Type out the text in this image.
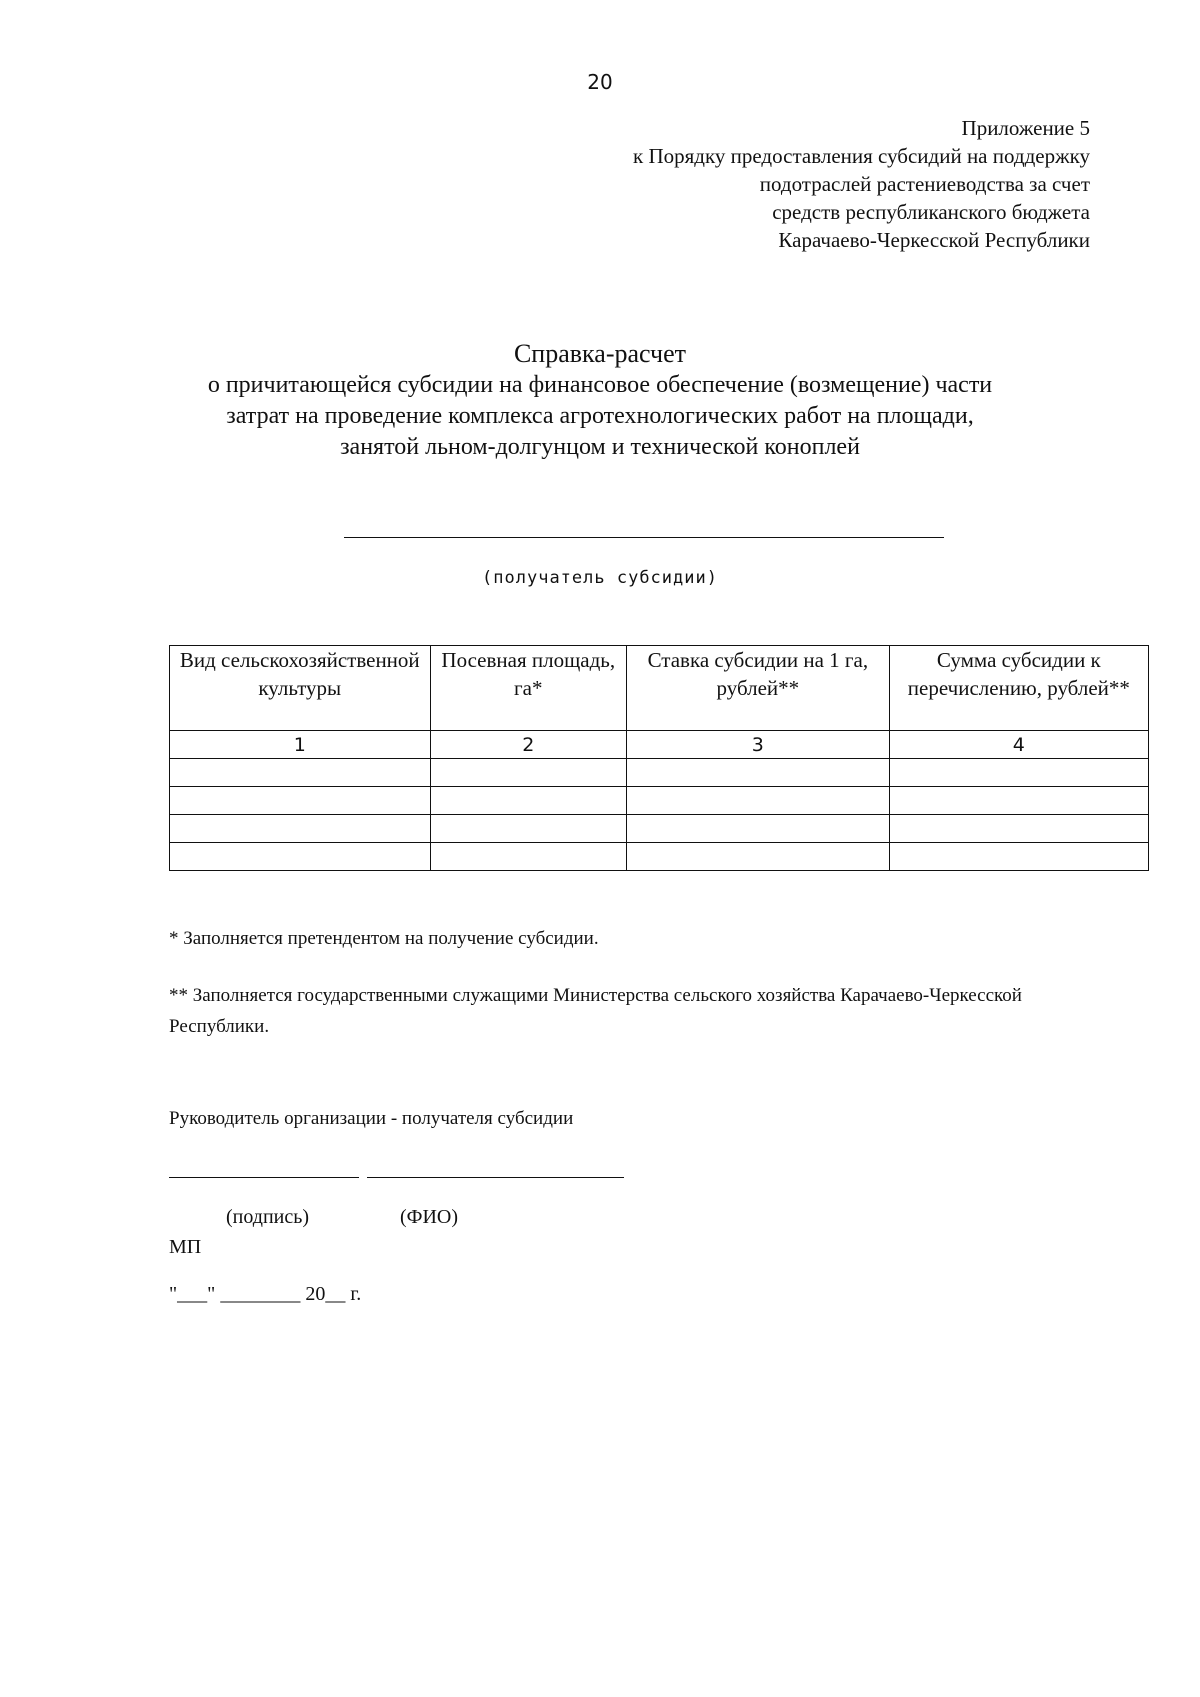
20
Приложение 5
к Порядку предоставления субсидий на поддержку
подотраслей растениеводства за счет
средств республиканского бюджета
Карачаево-Черкесской Республики
Справка-расчет
о причитающейся субсидии на финансовое обеспечение (возмещение) части
затрат на проведение комплекса агротехнологических работ на площади,
занятой льном-долгунцом и технической коноплей
(получатель субсидии)
Вид сельскохозяйственной культуры	Посевная площадь, га*	Ставка субсидии на 1 га, рублей**	Сумма субсидии к перечислению, рублей**
1	2	3	4

* Заполняется претендентом на получение субсидии.
** Заполняется государственными служащими Министерства сельского хозяйства Карачаево-Черкесской Республики.
Руководитель организации - получателя субсидии
(подпись)	(ФИО)
МП
"___" ________ 20__ г.
